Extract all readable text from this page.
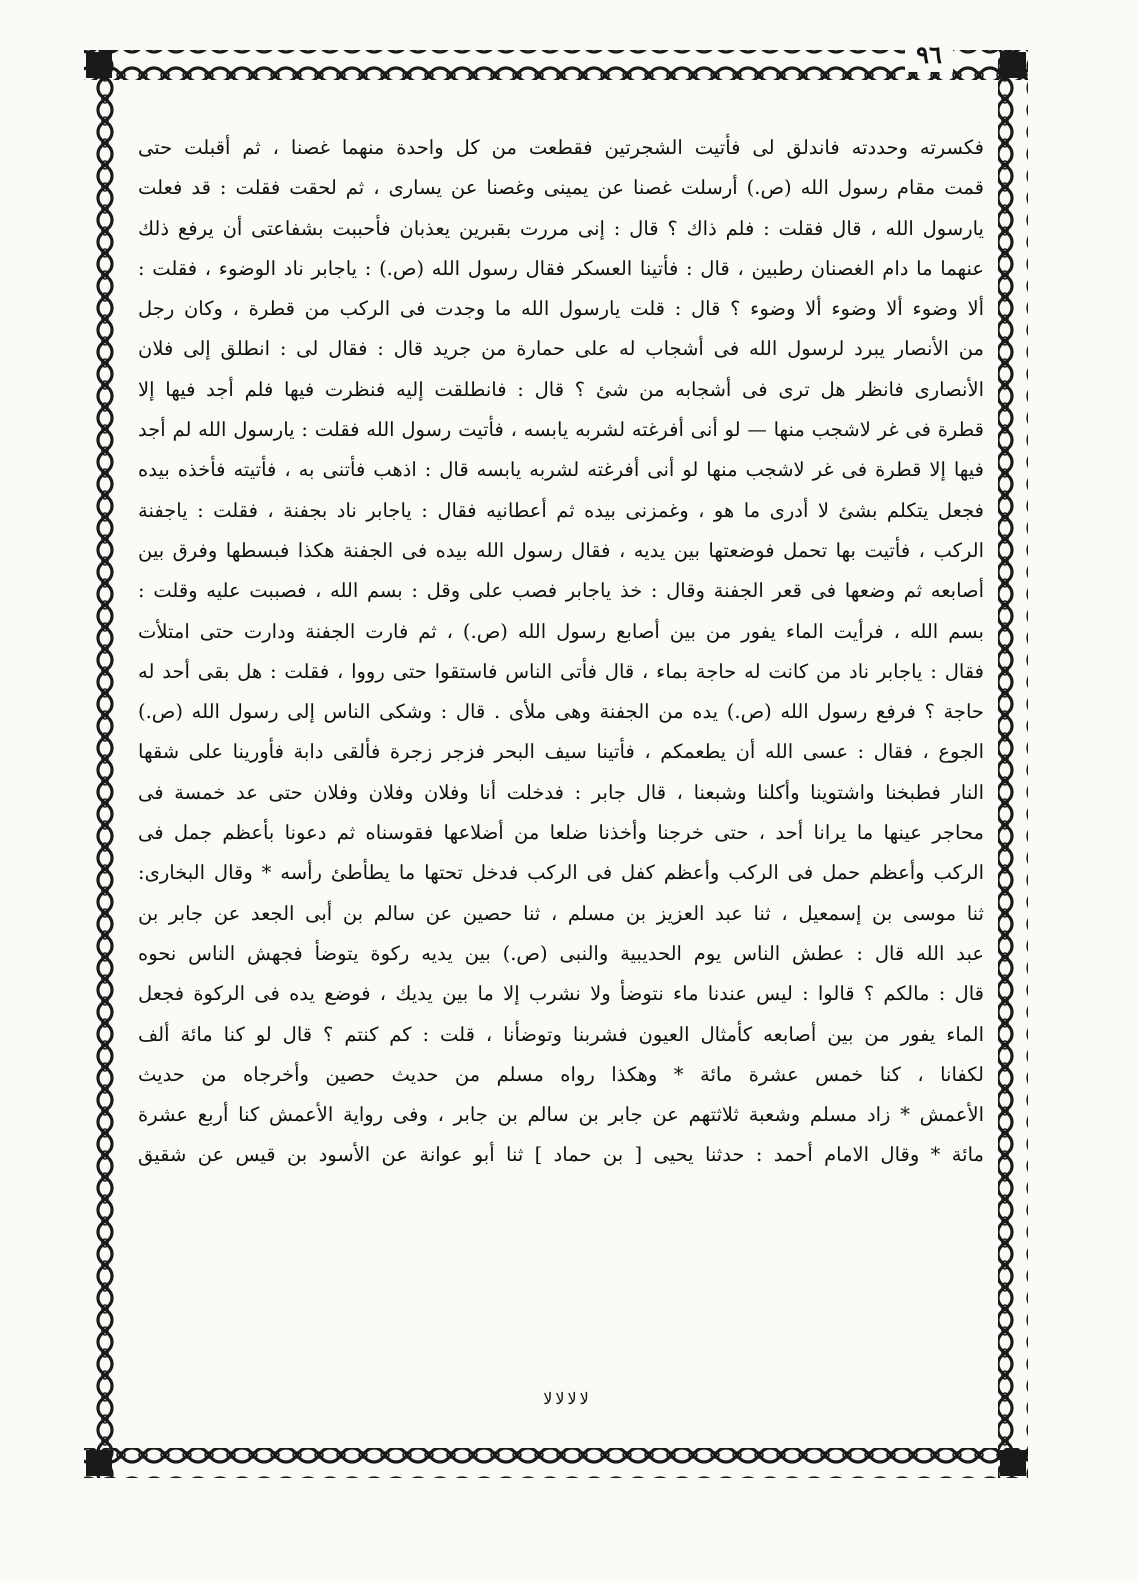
٩٦
فكسرته وحددته فاندلق لى فأتيت الشجرتين فقطعت من كل واحدة منهما غصنا ، ثم أقبلت حتى
قمت مقام رسول الله (ص.) أرسلت غصنا عن يمينى وغصنا عن يسارى ، ثم لحقت فقلت : قد فعلت
يارسول الله ، قال فقلت : فلم ذاك ؟ قال : إنى مررت بقبرين يعذبان فأحببت بشفاعتى أن يرفع ذلك
عنهما ما دام الغصنان رطبين ، قال : فأتينا العسكر فقال رسول الله (ص.) : ياجابر ناد الوضوء ، فقلت :
ألا وضوء ألا وضوء ألا وضوء ؟ قال : قلت يارسول الله ما وجدت فى الركب من قطرة ، وكان رجل
من الأنصار يبرد لرسول الله فى أشجاب له على حمارة من جريد قال : فقال لى : انطلق إلى فلان
الأنصارى فانظر هل ترى فى أشجابه من شئ ؟ قال : فانطلقت إليه فنظرت فيها فلم أجد فيها إلا
قطرة فى غر لاشجب منها — لو أنى أفرغته لشربه يابسه ، فأتيت رسول الله فقلت : يارسول الله لم أجد
فيها إلا قطرة فى غر لاشجب منها لو أنى أفرغته لشربه يابسه قال : اذهب فأتنى به ، فأتيته فأخذه بيده
فجعل يتكلم بشئ لا أدرى ما هو ، وغمزنى بيده ثم أعطانيه فقال : ياجابر ناد بجفنة ، فقلت : ياجفنة
الركب ، فأتيت بها تحمل فوضعتها بين يديه ، فقال رسول الله بيده فى الجفنة هكذا فبسطها وفرق بين
أصابعه ثم وضعها فى قعر الجفنة وقال : خذ ياجابر فصب على وقل : بسم الله ، فصببت عليه وقلت :
بسم الله ، فرأيت الماء يفور من بين أصابع رسول الله (ص.) ، ثم فارت الجفنة ودارت حتى امتلأت
فقال : ياجابر ناد من كانت له حاجة بماء ، قال فأتى الناس فاستقوا حتى رووا ، فقلت : هل بقى أحد له
حاجة ؟ فرفع رسول الله (ص.) يده من الجفنة وهى ملأى . قال : وشكى الناس إلى رسول الله (ص.)
الجوع ، فقال : عسى الله أن يطعمكم ، فأتينا سيف البحر فزجر زجرة فألقى دابة فأورينا على شقها
النار فطبخنا واشتوينا وأكلنا وشبعنا ، قال جابر : فدخلت أنا وفلان وفلان وفلان حتى عد خمسة فى
محاجر عينها ما يرانا أحد ، حتى خرجنا وأخذنا ضلعا من أضلاعها فقوسناه ثم دعونا بأعظم جمل فى
الركب وأعظم حمل فى الركب وأعظم كفل فى الركب فدخل تحتها ما يطأطئ رأسه * وقال البخارى:
ثنا موسى بن إسمعيل ، ثنا عبد العزيز بن مسلم ، ثنا حصين عن سالم بن أبى الجعد عن جابر بن
عبد الله قال : عطش الناس يوم الحديبية والنبى (ص.) بين يديه ركوة يتوضأ فجهش الناس نحوه
قال : مالكم ؟ قالوا : ليس عندنا ماء نتوضأ ولا نشرب إلا ما بين يديك ، فوضع يده فى الركوة فجعل
الماء يفور من بين أصابعه كأمثال العيون فشربنا وتوضأنا ، قلت : كم كنتم ؟ قال لو كنا مائة ألف
لكفانا ، كنا خمس عشرة مائة * وهكذا رواه مسلم من حديث حصين وأخرجاه من حديث
الأعمش * زاد مسلم وشعبة ثلاثتهم عن جابر بن سالم بن جابر ، وفى رواية الأعمش كنا أربع عشرة
مائة * وقال الامام أحمد : حدثنا يحيى [ بن حماد ] ثنا أبو عوانة عن الأسود بن قيس عن شقيق
ﻻ ﻻ ﻻ ﻻ
